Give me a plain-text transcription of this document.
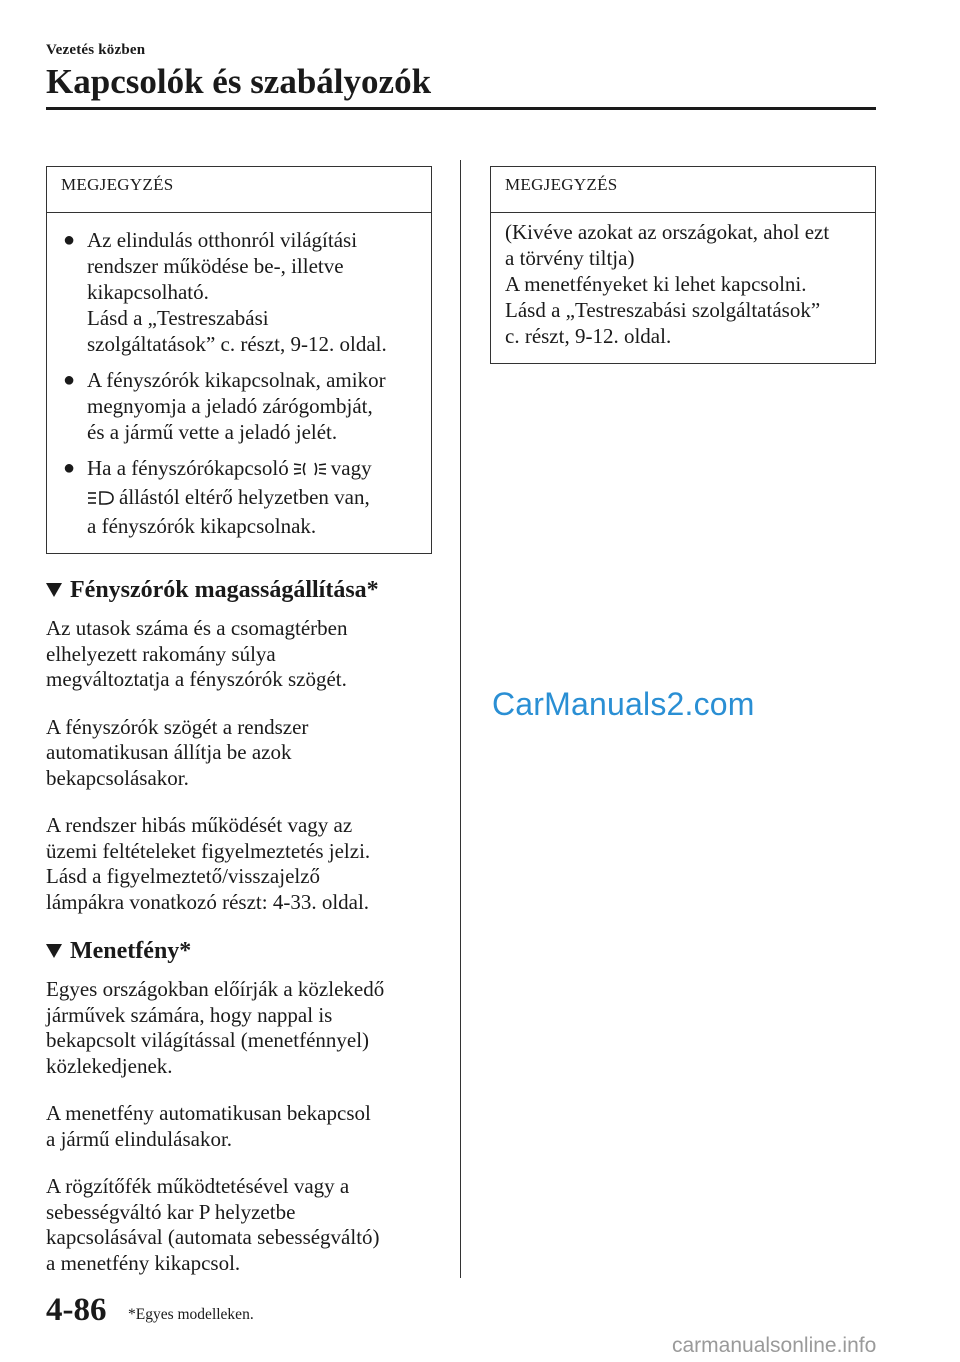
Vezetés közben
Kapcsolók és szabályozók
MEGJEGYZÉS
● Az elindulás otthonról világítási
rendszer működése be-, illetve
kikapcsolható.
Lásd a „Testreszabási
szolgáltatások” c. részt, 9-12. oldal.
● A fényszórók kikapcsolnak, amikor
megnyomja a jeladó zárógombját,
és a jármű vette a jeladó jelét.
● Ha a fényszórókapcsoló vagy
állástól eltérő helyzetben van,
a fényszórók kikapcsolnak.
Fényszórók magasságállítása*

Az utasok száma és a csomagtérben
elhelyezett rakomány súlya
megváltoztatja a fényszórók szögét.

A fényszórók szögét a rendszer
automatikusan állítja be azok
bekapcsolásakor.

A rendszer hibás működését vagy az
üzemi feltételeket figyelmeztetés jelzi.
Lásd a figyelmeztető/visszajelző
lámpákra vonatkozó részt: 4-33. oldal.

Menetfény*

Egyes országokban előírják a közlekedő
járművek számára, hogy nappal is
bekapcsolt világítással (menetfénnyel)
közlekedjenek.

A menetfény automatikusan bekapcsol
a jármű elindulásakor.

A rögzítőfék működtetésével vagy a
sebességváltó kar P helyzetbe
kapcsolásával (automata sebességváltó)
a menetfény kikapcsol.

MEGJEGYZÉS
(Kivéve azokat az országokat, ahol ezt
a törvény tiltja)
A menetfényeket ki lehet kapcsolni.
Lásd a „Testreszabási szolgáltatások”
c. részt, 9-12. oldal.
CarManuals2.com
4-86 *Egyes modelleken.
carmanualsonline.info
